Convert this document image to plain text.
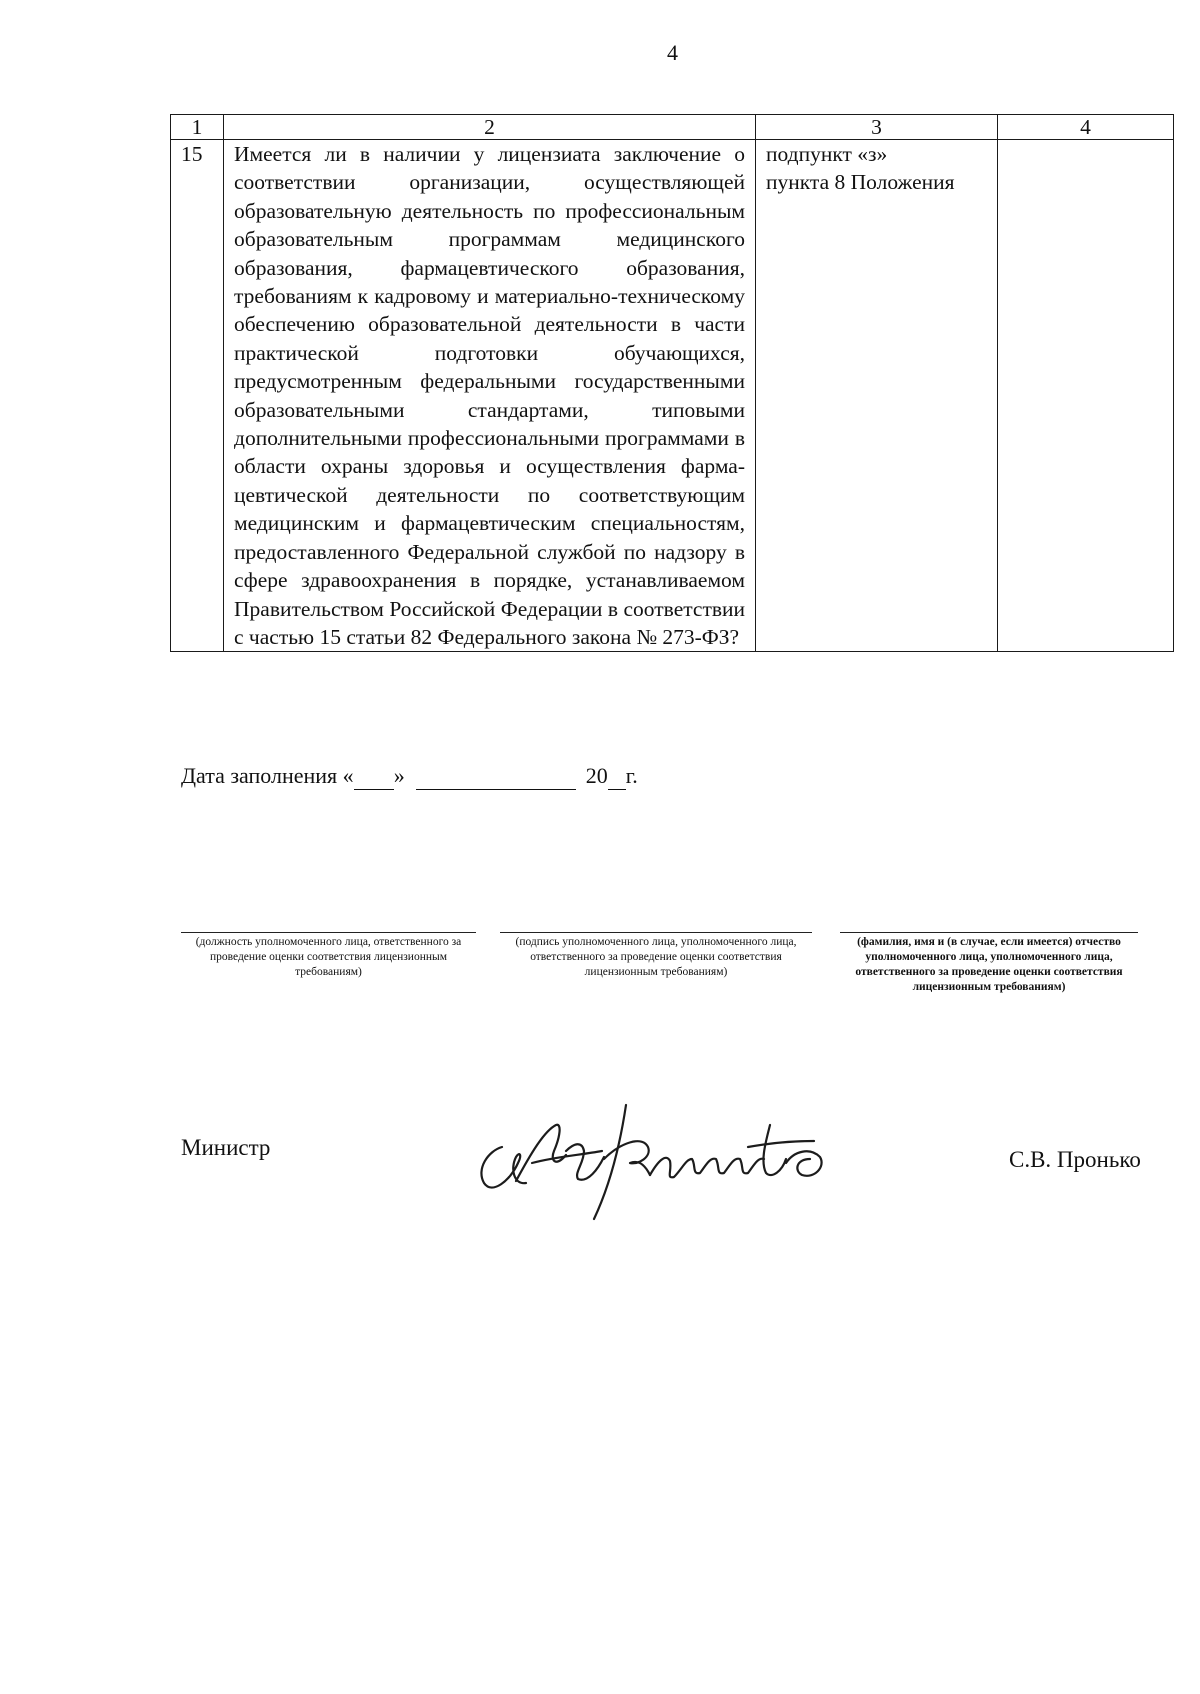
4
1	2	3	4
15	Имеется ли в наличии у лицензиата заключение о соответствии организации, осуществляющей образовательную деятельность по профессиональным образовательным программам медицинского образования, фармацевтического образования, требованиям к кадровому и материально-техническому обеспечению образовательной деятельности в части практической подготовки обучающихся, предусмотренным федеральными государственными образовательными стандартами, типовыми дополнительными профессиональными программами в области охраны здоровья и осуществления фармацевтической деятельности по соответствующим медицинским и фармацевтическим специальностям, предоставленного Федеральной службой по надзору в сфере здравоохранения в порядке, устанавливаемом Правительством Российской Федерации в соответствии с частью 15 статьи 82 Федерального закона № 273-ФЗ?	подпункт «з»
пункта 8 Положения	

Дата заполнения « »	20 г.
(должность уполномоченного лица, ответственного за проведение оценки соответствия лицензионным требованиям)
(подпись уполномоченного лица, уполномоченного лица, ответственного за проведение оценки соответствия лицензионным требованиям)
(фамилия, имя и (в случае, если имеется) отчество уполномоченного лица, уполномоченного лица, ответственного за проведение оценки соответствия лицензионным требованиям)
Министр	С.В. Пронько
